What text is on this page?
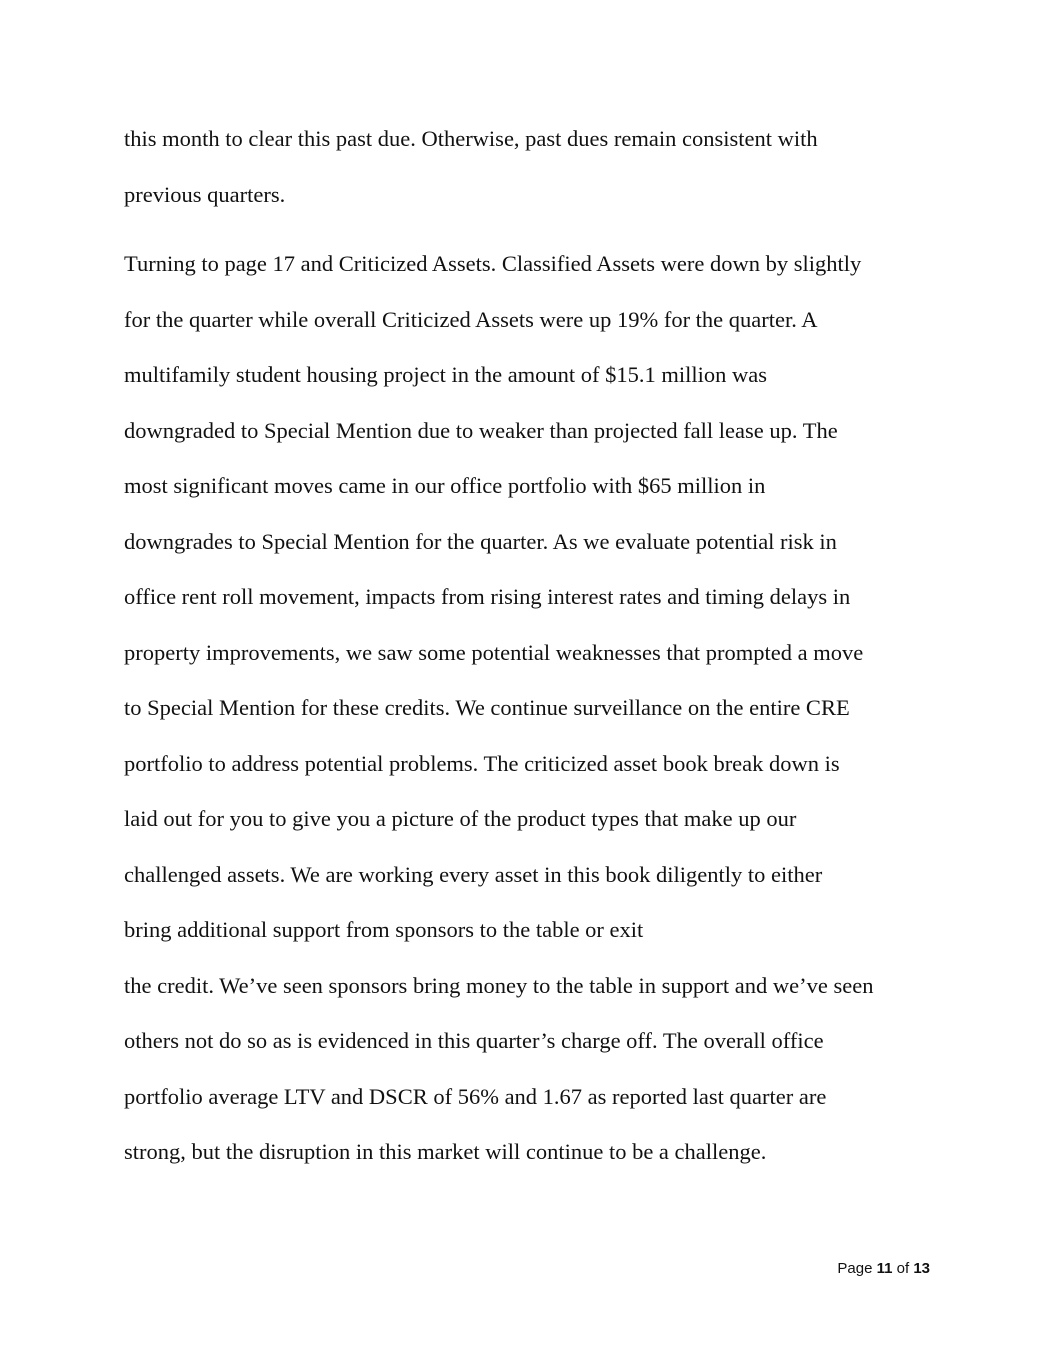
this month to clear this past due. Otherwise, past dues remain consistent with
previous quarters.
Turning to page 17 and Criticized Assets. Classified Assets were down by slightly
for the quarter while overall Criticized Assets were up 19% for the quarter. A
multifamily student housing project in the amount of $15.1 million was
downgraded to Special Mention due to weaker than projected fall lease up. The
most significant moves came in our office portfolio with $65 million in
downgrades to Special Mention for the quarter. As we evaluate potential risk in
office rent roll movement, impacts from rising interest rates and timing delays in
property improvements, we saw some potential weaknesses that prompted a move
to Special Mention for these credits. We continue surveillance on the entire CRE
portfolio to address potential problems. The criticized asset book break down is
laid out for you to give you a picture of the product types that make up our
challenged assets. We are working every asset in this book diligently to either
bring additional support from sponsors to the table or exit
the credit. We’ve seen sponsors bring money to the table in support and we’ve seen
others not do so as is evidenced in this quarter’s charge off. The overall office
portfolio average LTV and DSCR of 56% and 1.67 as reported last quarter are
strong, but the disruption in this market will continue to be a challenge.
Page 11 of 13
